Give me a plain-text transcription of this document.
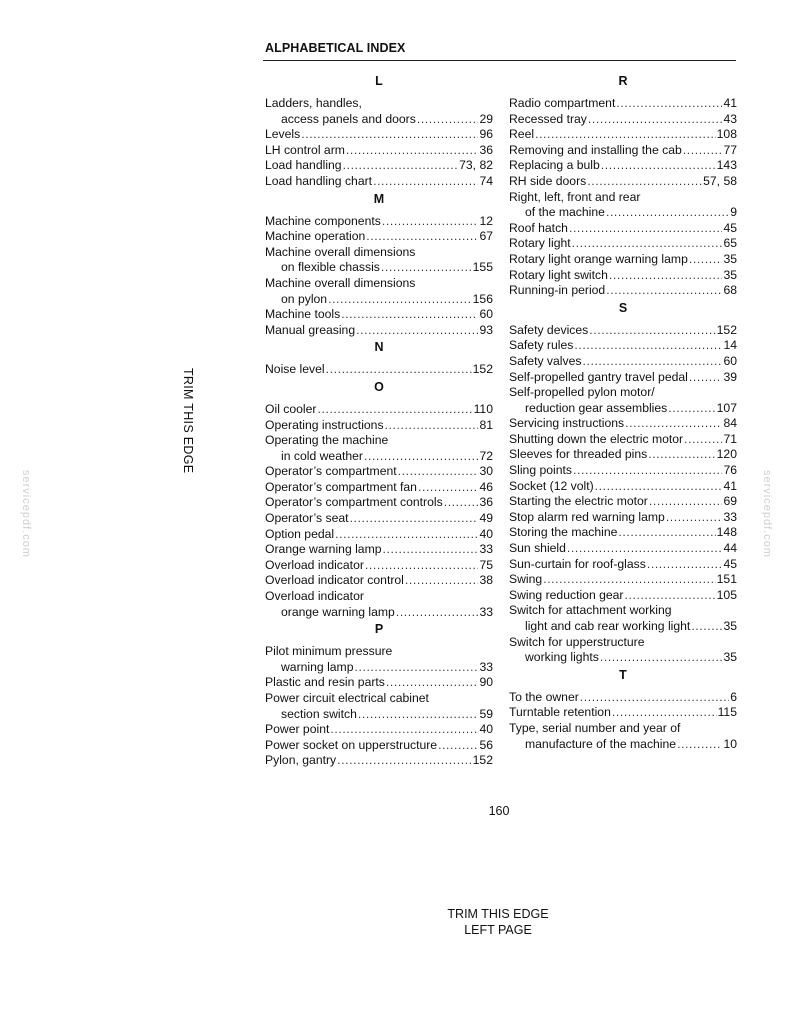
ALPHABETICAL INDEX
L
Ladders, handles,
access panels and doors .....	29
Levels .....	96
LH control arm .....	36
Load handling .....	73, 82
Load handling chart .....	74
M
Machine components .....	12
Machine operation .....	67
Machine overall dimensions
on flexible chassis .....	155
Machine overall dimensions
on pylon .....	156
Machine tools .....	60
Manual greasing .....	93
N
Noise level .....	152
O
Oil cooler .....	110
Operating instructions .....	81
Operating the machine
in cold weather .....	72
Operator’s compartment .....	30
Operator’s compartment fan .....	46
Operator’s compartment controls .....	36
Operator’s seat .....	49
Option pedal .....	40
Orange warning lamp .....	33
Overload indicator .....	75
Overload indicator control .....	38
Overload indicator
orange warning lamp .....	33
P
Pilot minimum pressure
warning lamp .....	33
Plastic and resin parts .....	90
Power circuit electrical cabinet
section switch .....	59
Power point .....	40
Power socket on upperstructure .....	56
Pylon, gantry .....	152
R
Radio compartment .....	41
Recessed tray .....	43
Reel .....	108
Removing and installing the cab .....	77
Replacing a bulb .....	143
RH side doors .....	57, 58
Right, left, front and rear
of the machine .....	9
Roof hatch .....	45
Rotary light .....	65
Rotary light orange warning lamp .....	35
Rotary light switch .....	35
Running-in period .....	68
S
Safety devices .....	152
Safety rules .....	14
Safety valves .....	60
Self-propelled gantry travel pedal .....	39
Self-propelled pylon motor/
reduction gear assemblies .....	107
Servicing instructions .....	84
Shutting down the electric motor .....	71
Sleeves for threaded pins .....	120
Sling points .....	76
Socket (12 volt) .....	41
Starting the electric motor .....	69
Stop alarm red warning lamp .....	33
Storing the machine .....	148
Sun shield .....	44
Sun-curtain for roof-glass .....	45
Swing .....	151
Swing reduction gear .....	105
Switch for attachment working
light and cab rear working light .....	35
Switch for upperstructure
working lights .....	35
T
To the owner .....	6
Turntable retention .....	115
Type, serial number and year of
manufacture of the machine .....	10
160
TRIM THIS EDGE
TRIM THIS EDGE
LEFT PAGE
servicepdf.com	servicepdf.com
